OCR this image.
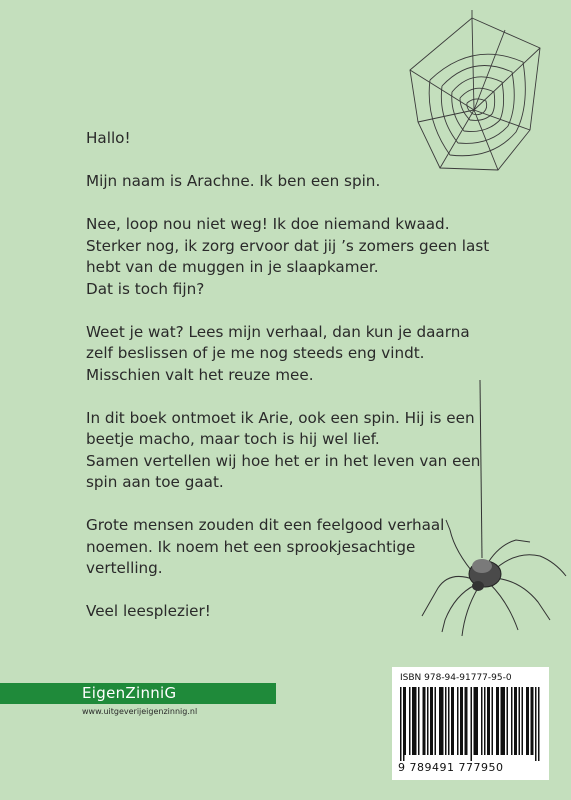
Hallo!

Mijn naam is Arachne. Ik ben een spin.

Nee, loop nou niet weg! Ik doe niemand kwaad.
Sterker nog, ik zorg ervoor dat jij ’s zomers geen last
hebt van de muggen in je slaapkamer.
Dat is toch fijn?

Weet je wat? Lees mijn verhaal, dan kun je daarna
zelf beslissen of je me nog steeds eng vindt.
Misschien valt het reuze mee.

In dit boek ontmoet ik Arie, ook een spin. Hij is een
beetje macho, maar toch is hij wel lief.
Samen vertellen wij hoe het er in het leven van een
spin aan toe gaat.

Grote mensen zouden dit een feelgood verhaal
noemen. Ik noem het een sprookjesachtige
vertelling.

Veel leesplezier!

EigenZinniG
www.uitgeverijeigenzinnig.nl
ISBN 978-94-91777-95-0
9 789491 777950
